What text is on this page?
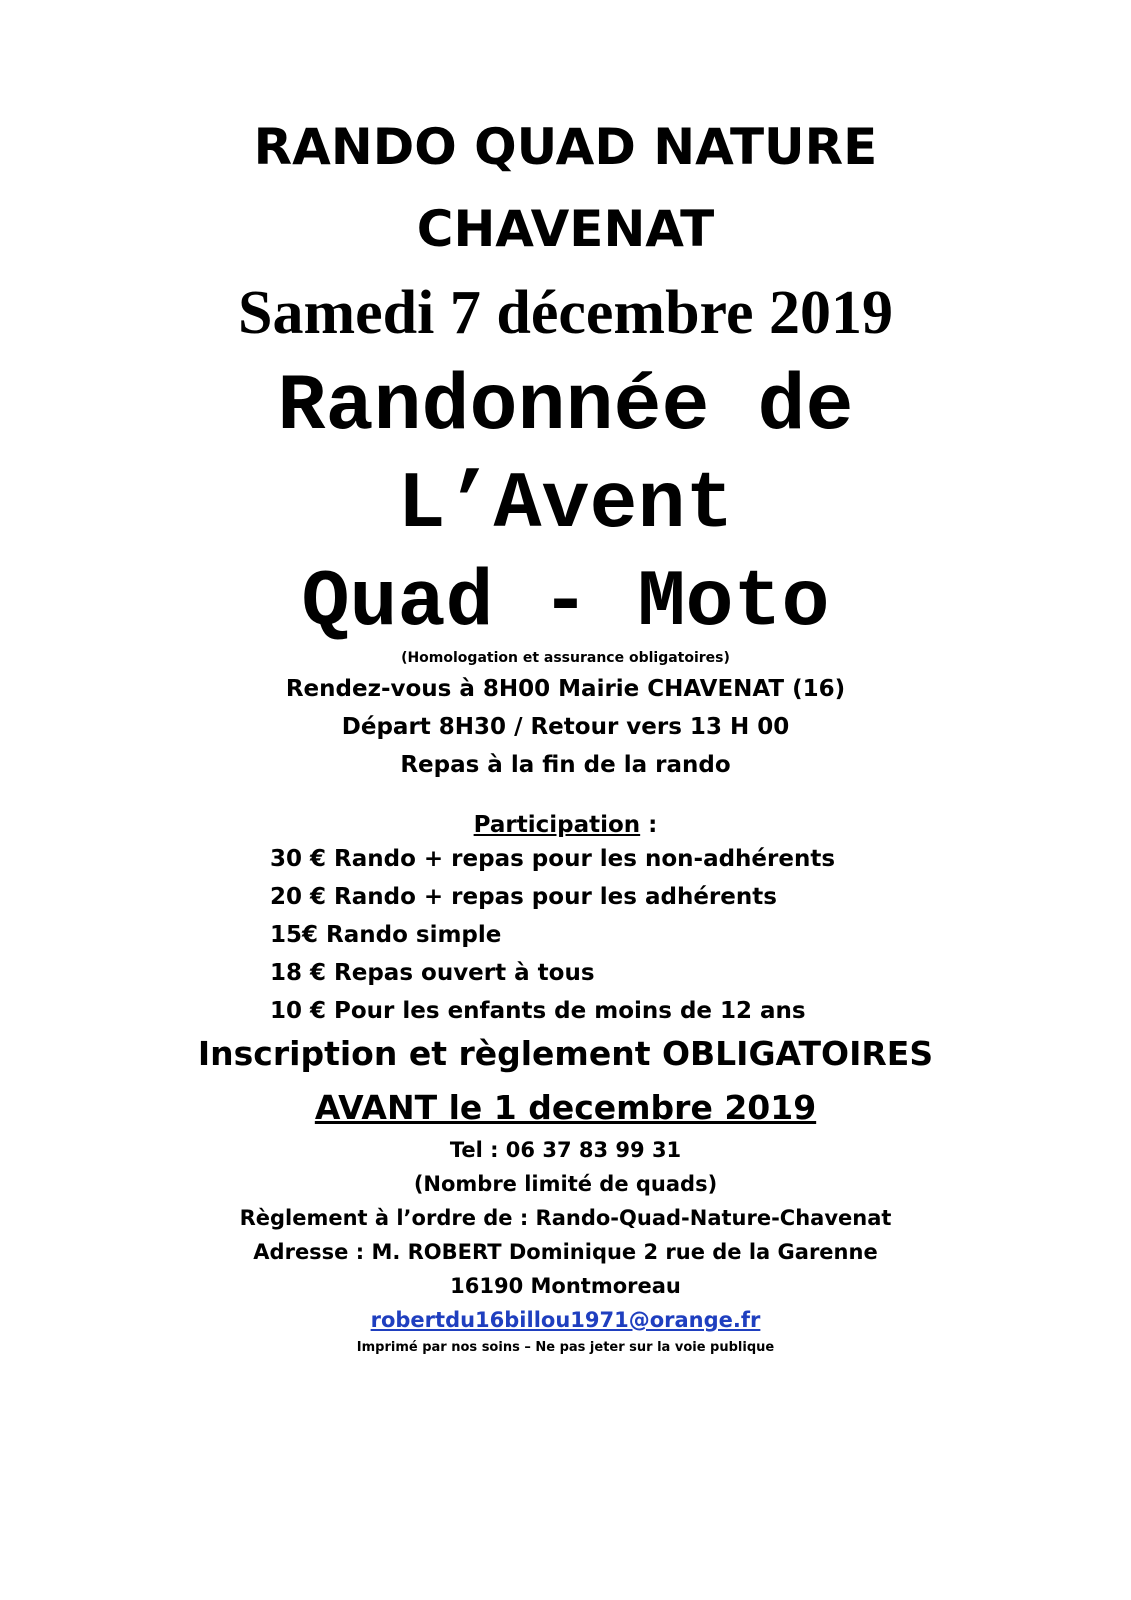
RANDO QUAD NATURE
CHAVENAT
Samedi 7 décembre 2019
Randonnée de
L’Avent
Quad - Moto
(Homologation et assurance obligatoires)
Rendez-vous à 8H00 Mairie CHAVENAT (16)
Départ 8H30 / Retour vers 13 H 00
Repas à la fin de la rando
Participation :
30 € Rando + repas pour les non-adhérents
20 € Rando + repas pour les adhérents
15€ Rando simple
18 € Repas ouvert à tous
10 € Pour les enfants de moins de 12 ans
Inscription et règlement OBLIGATOIRES
AVANT le 1 decembre 2019
Tel : 06 37 83 99 31
(Nombre limité de quads)
Règlement à l’ordre de : Rando-Quad-Nature-Chavenat
Adresse : M. ROBERT Dominique 2 rue de la Garenne
16190 Montmoreau
robertdu16billou1971@orange.fr
Imprimé par nos soins – Ne pas jeter sur la voie publique
